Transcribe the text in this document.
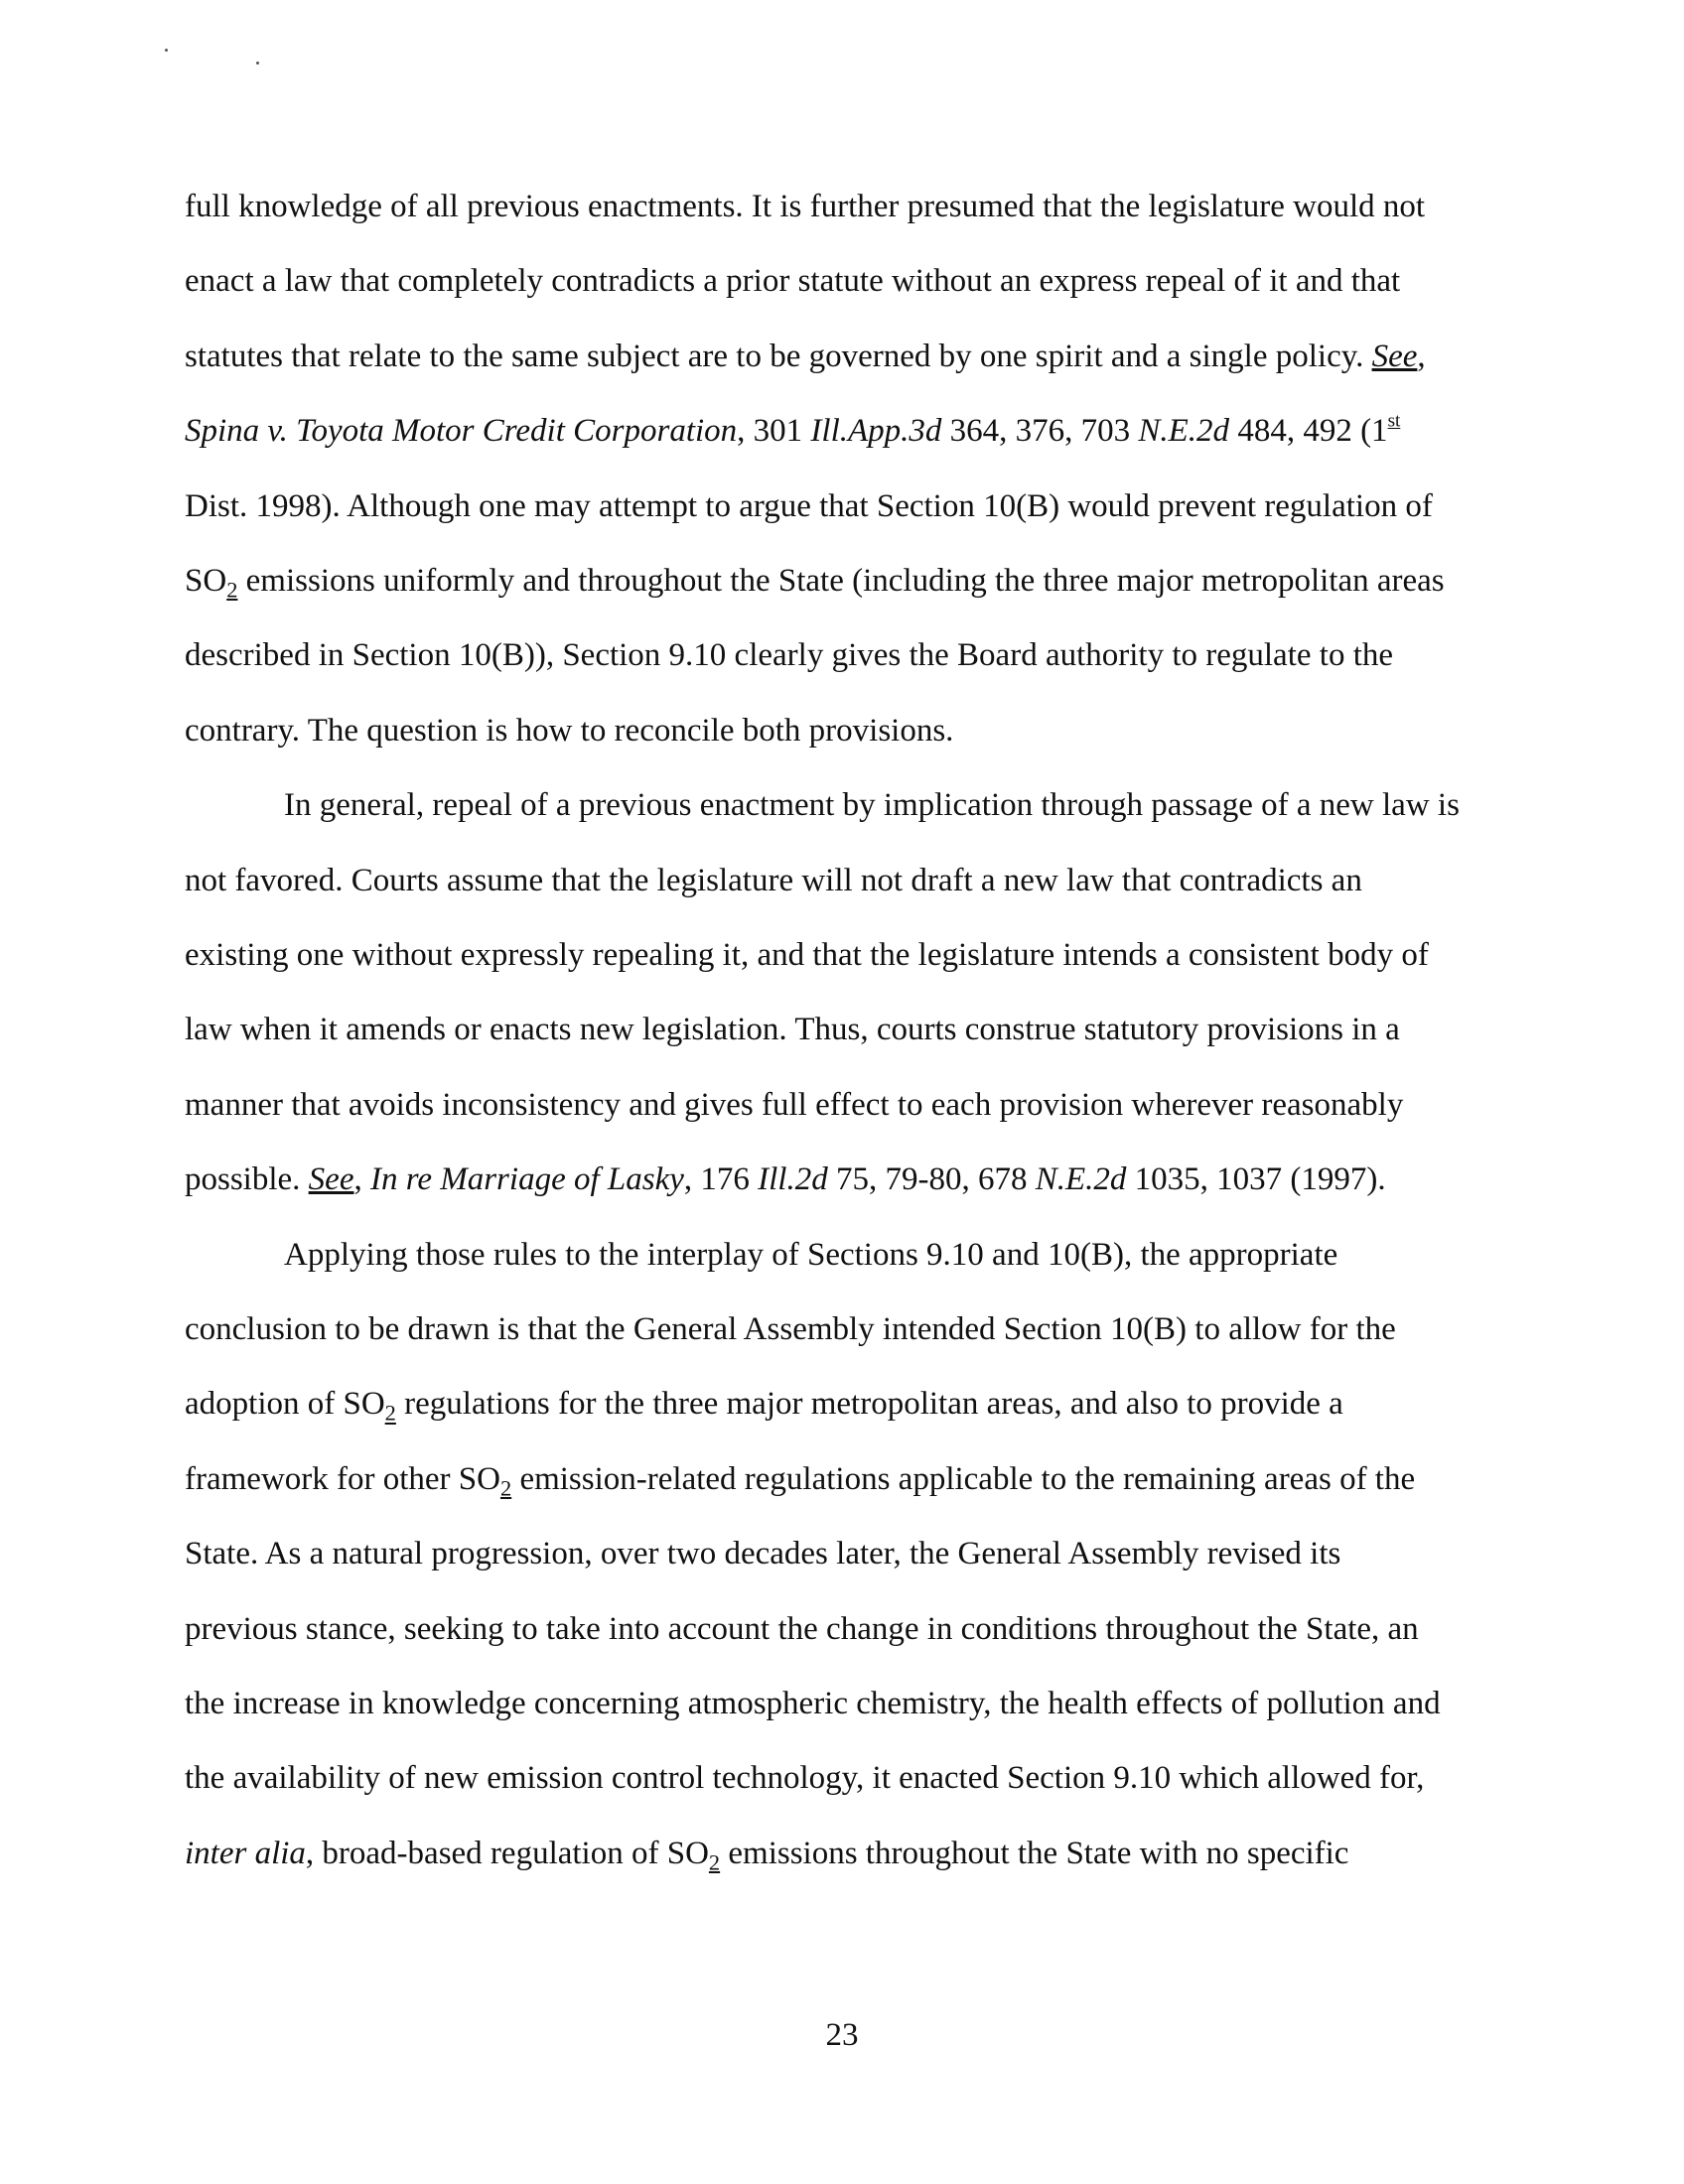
full knowledge of all previous enactments. It is further presumed that the legislature would not
enact a law that completely contradicts a prior statute without an express repeal of it and that
statutes that relate to the same subject are to be governed by one spirit and a single policy. See,
Spina v. Toyota Motor Credit Corporation, 301 Ill.App.3d 364, 376, 703 N.E.2d 484, 492 (1st
Dist. 1998). Although one may attempt to argue that Section 10(B) would prevent regulation of
$SO_2$ emissions uniformly and throughout the State (including the three major metropolitan areas
described in Section 10(B)), Section 9.10 clearly gives the Board authority to regulate to the
contrary. The question is how to reconcile both provisions.
In general, repeal of a previous enactment by implication through passage of a new law is
not favored. Courts assume that the legislature will not draft a new law that contradicts an
existing one without expressly repealing it, and that the legislature intends a consistent body of
law when it amends or enacts new legislation. Thus, courts construe statutory provisions in a
manner that avoids inconsistency and gives full effect to each provision wherever reasonably
possible. See, In re Marriage of Lasky, 176 Ill.2d 75, 79-80, 678 N.E.2d 1035, 1037 (1997).
Applying those rules to the interplay of Sections 9.10 and 10(B), the appropriate
conclusion to be drawn is that the General Assembly intended Section 10(B) to allow for the
adoption of $SO_2$ regulations for the three major metropolitan areas, and also to provide a
framework for other $SO_2$ emission-related regulations applicable to the remaining areas of the
State. As a natural progression, over two decades later, the General Assembly revised its
previous stance, seeking to take into account the change in conditions throughout the State, an
the increase in knowledge concerning atmospheric chemistry, the health effects of pollution and
the availability of new emission control technology, it enacted Section 9.10 which allowed for,
inter alia, broad-based regulation of $SO_2$ emissions throughout the State with no specific
23
